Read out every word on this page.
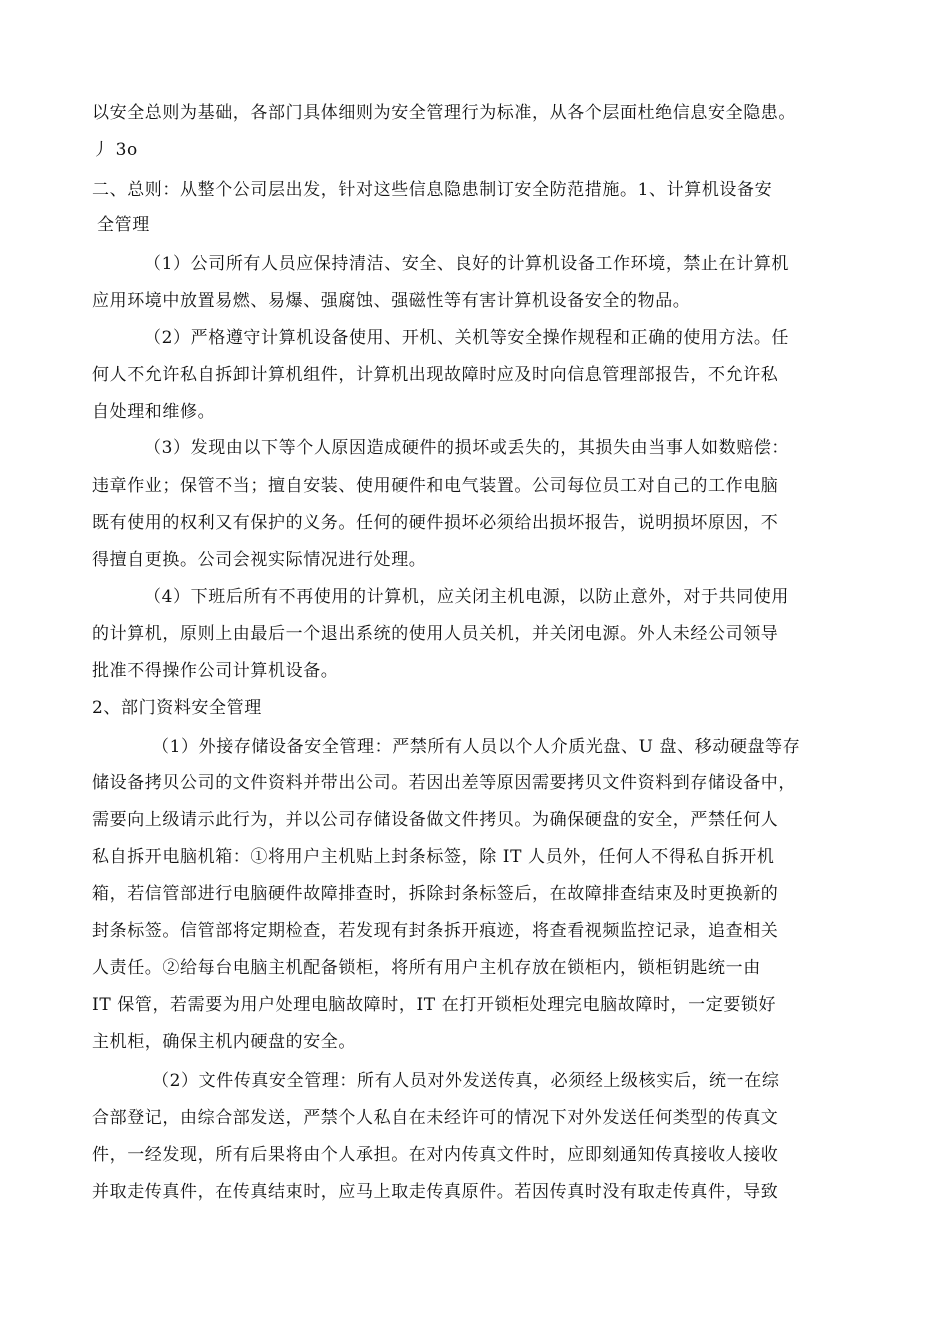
以安全总则为基础，各部门具体细则为安全管理行为标准，从各个层面杜绝信息安全隐患。
丿 3o
二、总则：从整个公司层出发，针对这些信息隐患制订安全防范措施。1、计算机设备安
全管理
（1）公司所有人员应保持清洁、安全、良好的计算机设备工作环境，禁止在计算机
应用环境中放置易燃、易爆、强腐蚀、强磁性等有害计算机设备安全的物品。
（2）严格遵守计算机设备使用、开机、关机等安全操作规程和正确的使用方法。任
何人不允许私自拆卸计算机组件，计算机出现故障时应及时向信息管理部报告，不允许私
自处理和维修。
（3）发现由以下等个人原因造成硬件的损坏或丢失的，其损失由当事人如数赔偿：
违章作业；保管不当；擅自安装、使用硬件和电气装置。公司每位员工对自己的工作电脑
既有使用的权利又有保护的义务。任何的硬件损坏必须给出损坏报告，说明损坏原因，不
得擅自更换。公司会视实际情况进行处理。
（4）下班后所有不再使用的计算机，应关闭主机电源，以防止意外，对于共同使用
的计算机，原则上由最后一个退出系统的使用人员关机，并关闭电源。外人未经公司领导
批准不得操作公司计算机设备。
2、部门资料安全管理
（1）外接存储设备安全管理：严禁所有人员以个人介质光盘、U 盘、移动硬盘等存
储设备拷贝公司的文件资料并带出公司。若因出差等原因需要拷贝文件资料到存储设备中，
需要向上级请示此行为，并以公司存储设备做文件拷贝。为确保硬盘的安全，严禁任何人
私自拆开电脑机箱：①将用户主机贴上封条标签，除 IT 人员外，任何人不得私自拆开机
箱，若信管部进行电脑硬件故障排查时，拆除封条标签后，在故障排查结束及时更换新的
封条标签。信管部将定期检查，若发现有封条拆开痕迹，将查看视频监控记录，追查相关
人责任。②给每台电脑主机配备锁柜，将所有用户主机存放在锁柜内，锁柜钥匙统一由
IT 保管，若需要为用户处理电脑故障时，IT 在打开锁柜处理完电脑故障时，一定要锁好
主机柜，确保主机内硬盘的安全。
（2）文件传真安全管理：所有人员对外发送传真，必须经上级核实后，统一在综
合部登记，由综合部发送，严禁个人私自在未经许可的情况下对外发送任何类型的传真文
件，一经发现，所有后果将由个人承担。在对内传真文件时，应即刻通知传真接收人接收
并取走传真件，在传真结束时，应马上取走传真原件。若因传真时没有取走传真件，导致
